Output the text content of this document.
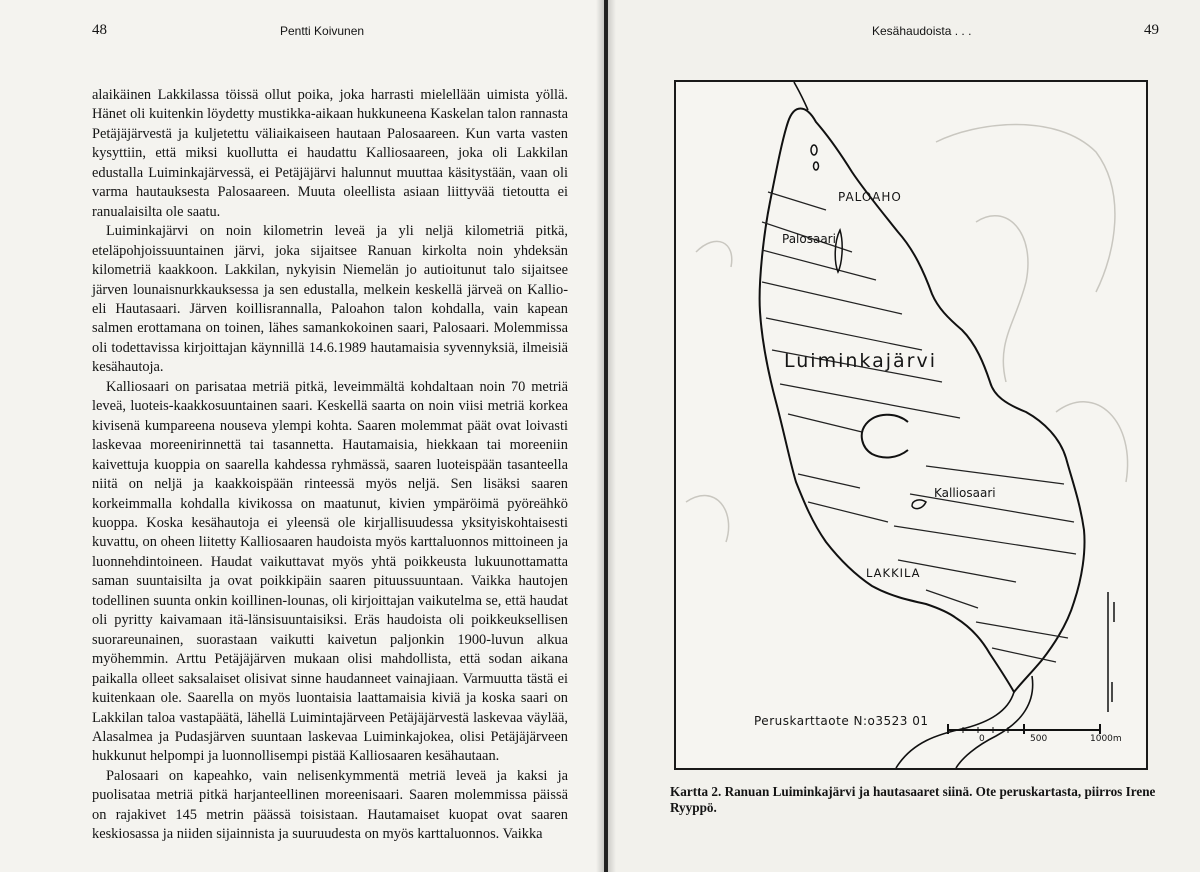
48	Pentti Koivunen

alaikäinen Lakkilassa töissä ollut poika, joka harrasti mielellään uimista yöllä. Hänet oli kuitenkin löydetty mustikka-aikaan hukkuneena Kaskelan talon rannasta Petäjäjärvestä ja kuljetettu väliaikaiseen hautaan Palosaareen. Kun varta vasten kysyttiin, että miksi kuollutta ei haudattu Kalliosaareen, joka oli Lakkilan edustalla Luiminkajärvessä, ei Petäjäjärvi halunnut muuttaa käsitystään, vaan oli varma hautauksesta Palosaareen. Muuta oleellista asiaan liittyvää tietoutta ei ranualaisilta ole saatu.

Luiminkajärvi on noin kilometrin leveä ja yli neljä kilometriä pitkä, eteläpohjoissuuntainen järvi, joka sijaitsee Ranuan kirkolta noin yhdeksän kilometriä kaakkoon. Lakkilan, nykyisin Niemelän jo autioitunut talo sijaitsee järven lounaisnurkkauksessa ja sen edustalla, melkein keskellä järveä on Kallio- eli Hautasaari. Järven koillisrannalla, Paloahon talon kohdalla, vain kapean salmen erottamana on toinen, lähes samankokoinen saari, Palosaari. Molemmissa oli todettavissa kirjoittajan käynnillä 14.6.1989 hautamaisia syvennyksiä, ilmeisiä kesähautoja.

Kalliosaari on parisataa metriä pitkä, leveimmältä kohdaltaan noin 70 metriä leveä, luoteis-kaakkosuuntainen saari. Keskellä saarta on noin viisi metriä korkea kivisenä kumpareena nouseva ylempi kohta. Saaren molemmat päät ovat loivasti laskevaa moreenirinnettä tai tasannetta. Hautamaisia, hiekkaan tai moreeniin kaivettuja kuoppia on saarella kahdessa ryhmässä, saaren luoteispään tasanteella niitä on neljä ja kaakkoispään rinteessä myös neljä. Sen lisäksi saaren korkeimmalla kohdalla kivikossa on maatunut, kivien ympäröimä pyöreähkö kuoppa. Koska kesähautoja ei yleensä ole kirjallisuudessa yksityiskohtaisesti kuvattu, on oheen liitetty Kalliosaaren haudoista myös karttaluonnos mittoineen ja luonnehdintoineen. Haudat vaikuttavat myös yhtä poikkeusta lukuunottamatta saman suuntaisilta ja ovat poikkipäin saaren pituussuuntaan. Vaikka hautojen todellinen suunta onkin koillinen-lounas, oli kirjoittajan vaikutelma se, että haudat oli pyritty kaivamaan itä-länsisuuntaisiksi. Eräs haudoista oli poikkeuksellisen suorareunainen, suorastaan vaikutti kaivetun paljonkin 1900-luvun alkua myöhemmin. Arttu Petäjäjärven mukaan olisi mahdollista, että sodan aikana paikalla olleet saksalaiset olisivat sinne haudanneet vainajiaan. Varmuutta tästä ei kuitenkaan ole. Saarella on myös luontaisia laattamaisia kiviä ja koska saari on Lakkilan taloa vastapäätä, lähellä Luimintajärveen Petäjäjärvestä laskevaa väylää, Alasalmea ja Pudasjärven suuntaan laskevaa Luiminkajokea, olisi Petäjäjärveen hukkunut helpompi ja luonnollisempi pistää Kalliosaaren kesähautaan.

Palosaari on kapeahko, vain nelisenkymmentä metriä leveä ja kaksi ja puolisataa metriä pitkä harjanteellinen moreenisaari. Saaren molemmissa päissä on rajakivet 145 metrin päässä toisistaan. Hautamaiset kuopat ovat saaren keskiosassa ja niiden sijainnista ja suuruudesta on myös karttaluonnos. Vaikka

Kesähaudoista . . .	49
PALOAHO
Palosaari
Luiminkajärvi
Kalliosaari
LAKKILA
Peruskarttaote N:o3523 01
0	500	1000m
Kartta 2. Ranuan Luiminkajärvi ja hautasaaret siinä. Ote peruskartasta, piirros Irene Ryyppö.
